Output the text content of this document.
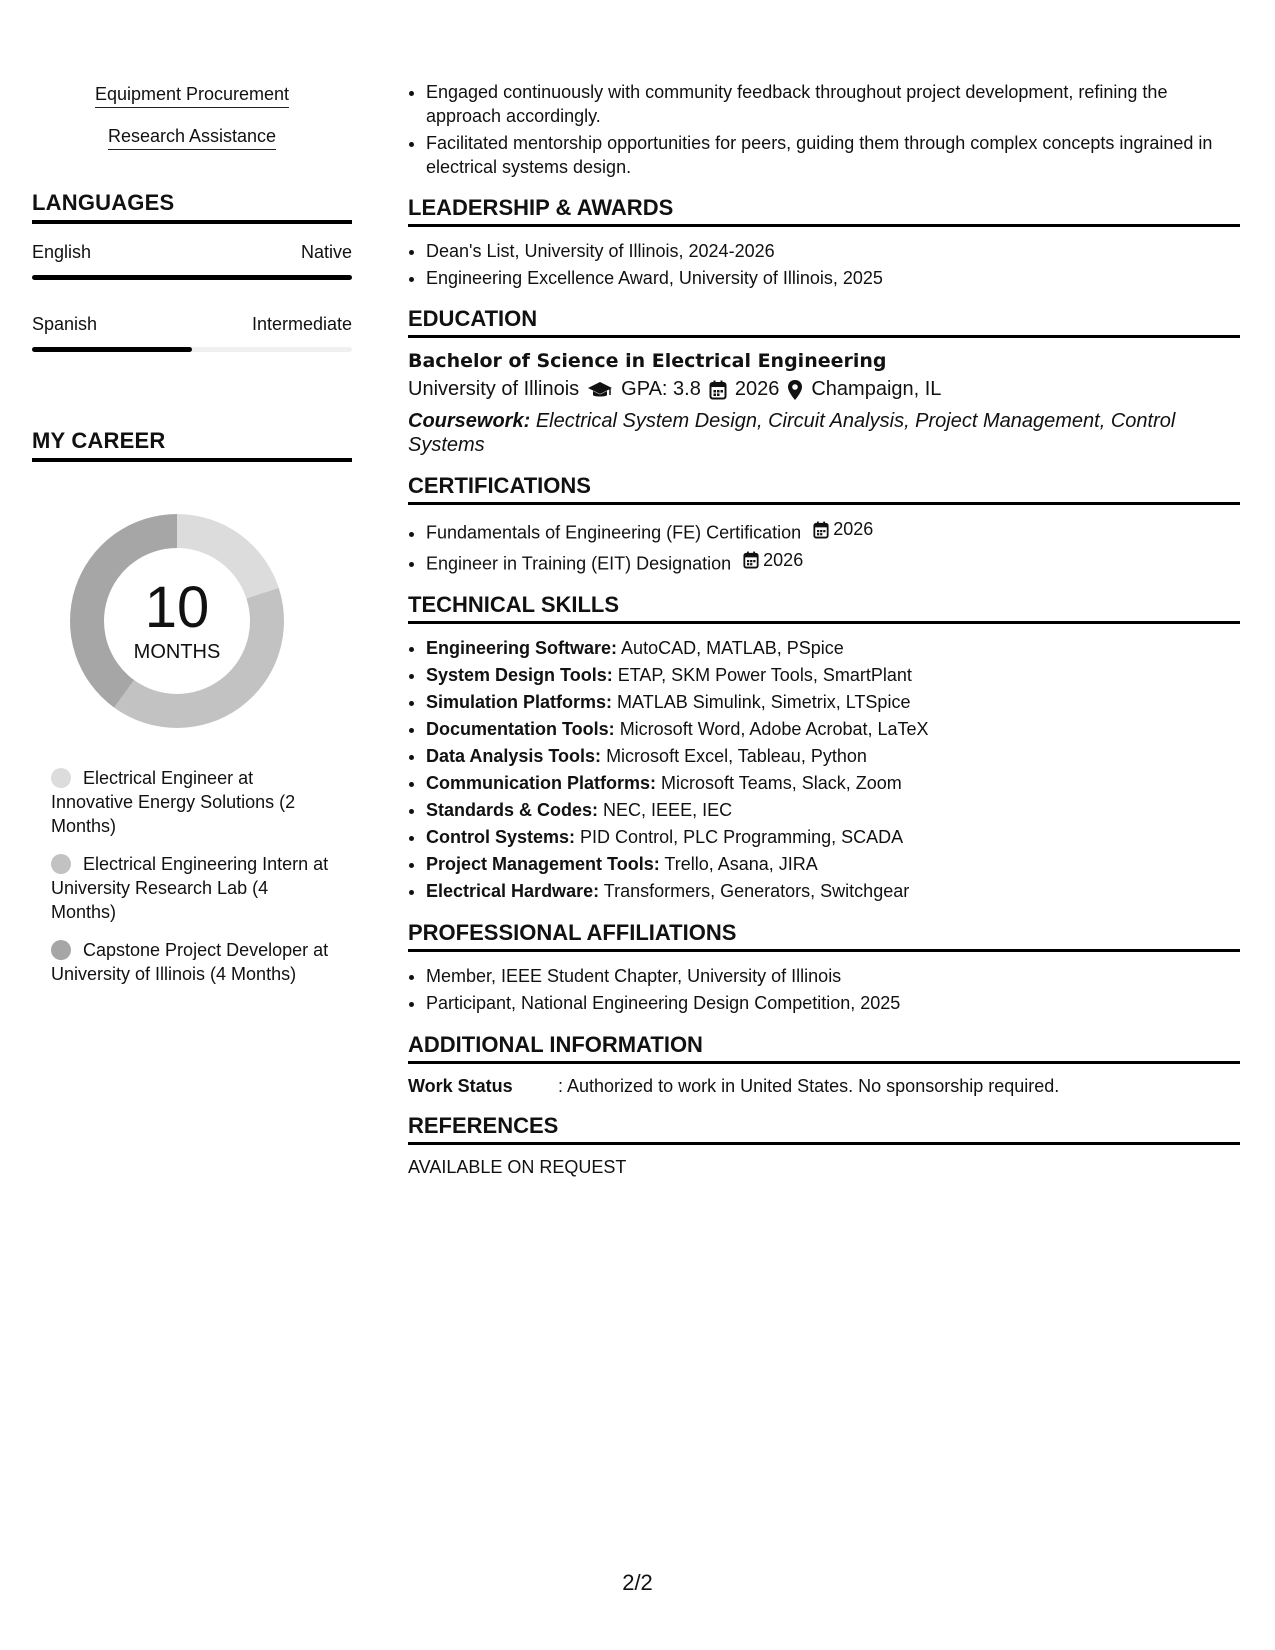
Equipment Procurement
Research Assistance
LANGUAGES
English	Native
Spanish	Intermediate
MY CAREER
10
MONTHS
Electrical Engineer at Innovative Energy Solutions (2 Months)
Electrical Engineering Intern at University Research Lab (4 Months)
Capstone Project Developer at University of Illinois (4 Months)
• Engaged continuously with community feedback throughout project development, refining the approach accordingly.
• Facilitated mentorship opportunities for peers, guiding them through complex concepts ingrained in electrical systems design.
LEADERSHIP & AWARDS
• Dean's List, University of Illinois, 2024-2026
• Engineering Excellence Award, University of Illinois, 2025
EDUCATION
Bachelor of Science in Electrical Engineering
University of Illinois GPA: 3.8 2026 Champaign, IL
Coursework: Electrical System Design, Circuit Analysis, Project Management, Control Systems
CERTIFICATIONS
• Fundamentals of Engineering (FE) Certification 2026
• Engineer in Training (EIT) Designation 2026
TECHNICAL SKILLS
• Engineering Software: AutoCAD, MATLAB, PSpice
• System Design Tools: ETAP, SKM Power Tools, SmartPlant
• Simulation Platforms: MATLAB Simulink, Simetrix, LTSpice
• Documentation Tools: Microsoft Word, Adobe Acrobat, LaTeX
• Data Analysis Tools: Microsoft Excel, Tableau, Python
• Communication Platforms: Microsoft Teams, Slack, Zoom
• Standards & Codes: NEC, IEEE, IEC
• Control Systems: PID Control, PLC Programming, SCADA
• Project Management Tools: Trello, Asana, JIRA
• Electrical Hardware: Transformers, Generators, Switchgear
PROFESSIONAL AFFILIATIONS
• Member, IEEE Student Chapter, University of Illinois
• Participant, National Engineering Design Competition, 2025
ADDITIONAL INFORMATION
Work Status	: Authorized to work in United States. No sponsorship required.
REFERENCES
AVAILABLE ON REQUEST
2/2
